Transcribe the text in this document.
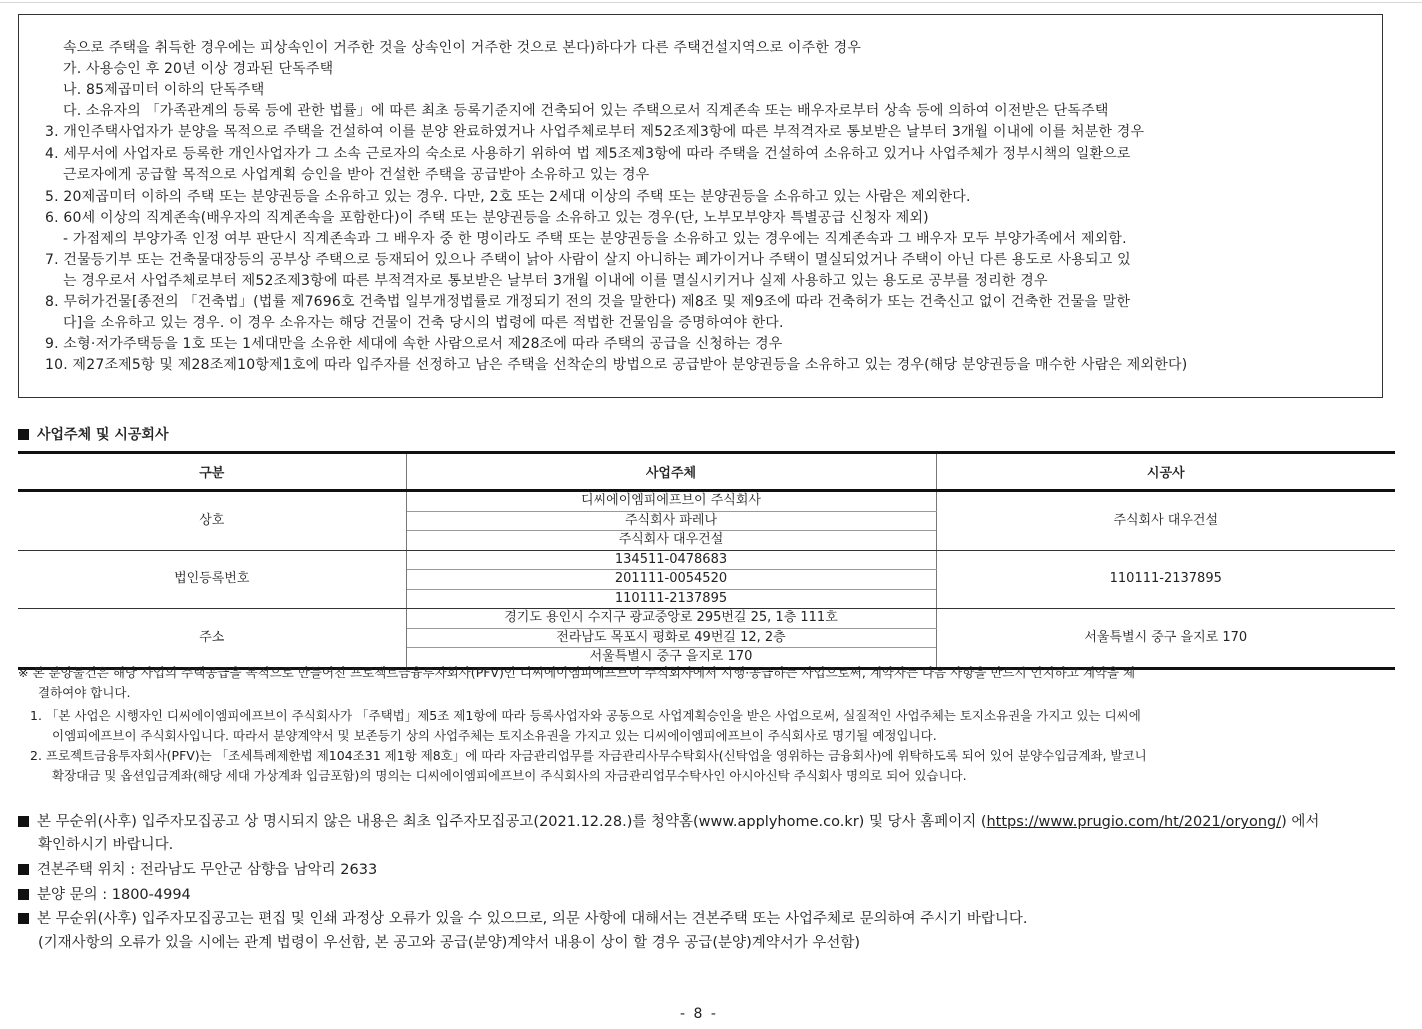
속으로 주택을 취득한 경우에는 피상속인이 거주한 것을 상속인이 거주한 것으로 본다)하다가 다른 주택건설지역으로 이주한 경우
가. 사용승인 후 20년 이상 경과된 단독주택
나. 85제곱미터 이하의 단독주택
다. 소유자의 「가족관계의 등록 등에 관한 법률」에 따른 최초 등록기준지에 건축되어 있는 주택으로서 직계존속 또는 배우자로부터 상속 등에 의하여 이전받은 단독주택
3. 개인주택사업자가 분양을 목적으로 주택을 건설하여 이를 분양 완료하였거나 사업주체로부터 제52조제3항에 따른 부적격자로 통보받은 날부터 3개월 이내에 이를 처분한 경우
4. 세무서에 사업자로 등록한 개인사업자가 그 소속 근로자의 숙소로 사용하기 위하여 법 제5조제3항에 따라 주택을 건설하여 소유하고 있거나 사업주체가 정부시책의 일환으로
근로자에게 공급할 목적으로 사업계획 승인을 받아 건설한 주택을 공급받아 소유하고 있는 경우
5. 20제곱미터 이하의 주택 또는 분양권등을 소유하고 있는 경우. 다만, 2호 또는 2세대 이상의 주택 또는 분양권등을 소유하고 있는 사람은 제외한다.
6. 60세 이상의 직계존속(배우자의 직계존속을 포함한다)이 주택 또는 분양권등을 소유하고 있는 경우(단, 노부모부양자 특별공급 신청자 제외)
- 가점제의 부양가족 인정 여부 판단시 직계존속과 그 배우자 중 한 명이라도 주택 또는 분양권등을 소유하고 있는 경우에는 직계존속과 그 배우자 모두 부양가족에서 제외함.
7. 건물등기부 또는 건축물대장등의 공부상 주택으로 등재되어 있으나 주택이 낡아 사람이 살지 아니하는 폐가이거나 주택이 멸실되었거나 주택이 아닌 다른 용도로 사용되고 있
는 경우로서 사업주체로부터 제52조제3항에 따른 부적격자로 통보받은 날부터 3개월 이내에 이를 멸실시키거나 실제 사용하고 있는 용도로 공부를 정리한 경우
8. 무허가건물[종전의 「건축법」(법률 제7696호 건축법 일부개정법률로 개정되기 전의 것을 말한다) 제8조 및 제9조에 따라 건축허가 또는 건축신고 없이 건축한 건물을 말한
다]을 소유하고 있는 경우. 이 경우 소유자는 해당 건물이 건축 당시의 법령에 따른 적법한 건물임을 증명하여야 한다.
9. 소형·저가주택등을 1호 또는 1세대만을 소유한 세대에 속한 사람으로서 제28조에 따라 주택의 공급을 신청하는 경우
10. 제27조제5항 및 제28조제10항제1호에 따라 입주자를 선정하고 남은 주택을 선착순의 방법으로 공급받아 분양권등을 소유하고 있는 경우(해당 분양권등을 매수한 사람은 제외한다)
사업주체 및 시공회사
구분	사업주체	시공사
상호	디씨에이엠피에프브이 주식회사	주식회사 대우건설
	주식회사 파레나	
	주식회사 대우건설	
법인등록번호	134511-0478683	110111-2137895
	201111-0054520	
	110111-2137895	
주소	경기도 용인시 수지구 광교중앙로 295번길 25, 1층 111호	서울특별시 중구 을지로 170
	전라남도 목포시 평화로 49번길 12, 2층	
	서울특별시 중구 을지로 170	
※ 본 분양물건은 해당 사업의 주택공급을 목적으로 만들어진 프로젝트금융투자회사(PFV)인 디씨에이엠피에프브이 주식회사에서 시행·공급하는 사업으로써, 계약자는 다음 사항을 반드시 인지하고 계약을 체
결하여야 합니다.
1. 「본 사업은 시행자인 디씨에이엠피에프브이 주식회사가 「주택법」제5조 제1항에 따라 등록사업자와 공동으로 사업계획승인을 받은 사업으로써, 실질적인 사업주체는 토지소유권을 가지고 있는 디씨에
이엠피에프브이 주식회사입니다. 따라서 분양계약서 및 보존등기 상의 사업주체는 토지소유권을 가지고 있는 디씨에이엠피에프브이 주식회사로 명기될 예정입니다.
2. 프로젝트금융투자회사(PFV)는 「조세특례제한법 제104조31 제1항 제8호」에 따라 자금관리업무를 자금관리사무수탁회사(신탁업을 영위하는 금융회사)에 위탁하도록 되어 있어 분양수입금계좌, 발코니
확장대금 및 옵션입금계좌(해당 세대 가상계좌 입금포함)의 명의는 디씨에이엠피에프브이 주식회사의 자금관리업무수탁사인 아시아신탁 주식회사 명의로 되어 있습니다.
본 무순위(사후) 입주자모집공고 상 명시되지 않은 내용은 최초 입주자모집공고(2021.12.28.)를 청약홈(www.applyhome.co.kr) 및 당사 홈페이지 (https://www.prugio.com/ht/2021/oryong/) 에서
확인하시기 바랍니다.
견본주택 위치 : 전라남도 무안군 삼향읍 남악리 2633
분양 문의 : 1800-4994
본 무순위(사후) 입주자모집공고는 편집 및 인쇄 과정상 오류가 있을 수 있으므로, 의문 사항에 대해서는 견본주택 또는 사업주체로 문의하여 주시기 바랍니다.
(기재사항의 오류가 있을 시에는 관계 법령이 우선함, 본 공고와 공급(분양)계약서 내용이 상이 할 경우 공급(분양)계약서가 우선함)
- 8 -
